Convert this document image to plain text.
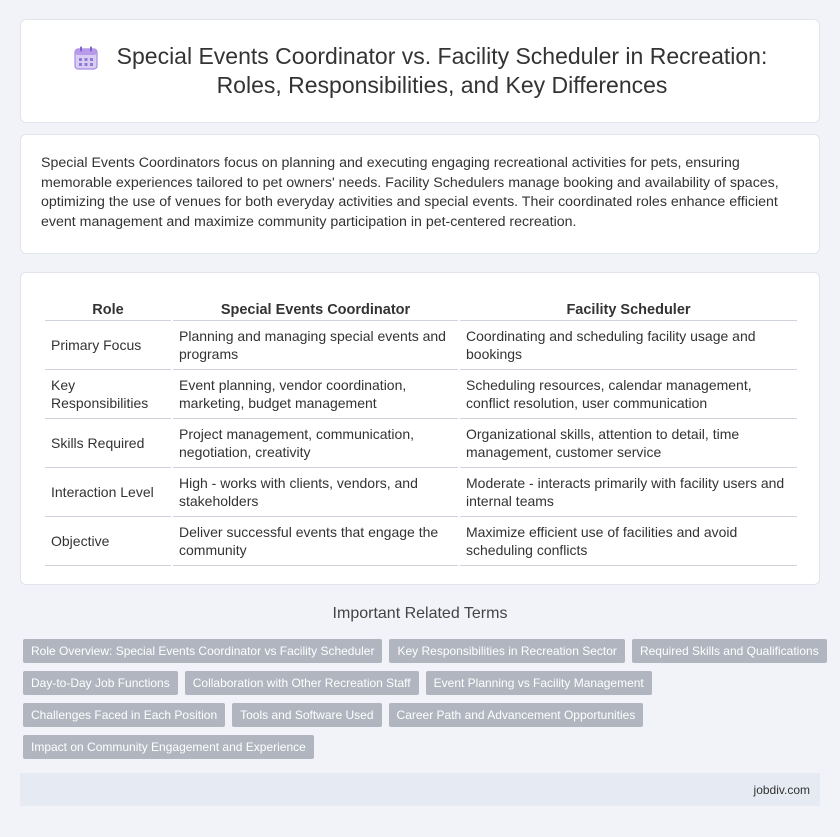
Special Events Coordinator vs. Facility Scheduler in Recreation:
Roles, Responsibilities, and Key Differences

Special Events Coordinators focus on planning and executing engaging recreational activities for pets, ensuring memorable experiences tailored to pet owners' needs. Facility Schedulers manage booking and availability of spaces, optimizing the use of venues for both everyday activities and special events. Their coordinated roles enhance efficient event management and maximize community participation in pet-centered recreation.

Role	Special Events Coordinator	Facility Scheduler
Primary Focus	Planning and managing special events and programs	Coordinating and scheduling facility usage and bookings
Key Responsibilities	Event planning, vendor coordination, marketing, budget management	Scheduling resources, calendar management, conflict resolution, user communication
Skills Required	Project management, communication, negotiation, creativity	Organizational skills, attention to detail, time management, customer service
Interaction Level	High - works with clients, vendors, and stakeholders	Moderate - interacts primarily with facility users and internal teams
Objective	Deliver successful events that engage the community	Maximize efficient use of facilities and avoid scheduling conflicts
Important Related Terms
Role Overview: Special Events Coordinator vs Facility Scheduler	Key Responsibilities in Recreation Sector	Required Skills and Qualifications
Day-to-Day Job Functions	Collaboration with Other Recreation Staff	Event Planning vs Facility Management
Challenges Faced in Each Position	Tools and Software Used	Career Path and Advancement Opportunities
Impact on Community Engagement and Experience
jobdiv.com
